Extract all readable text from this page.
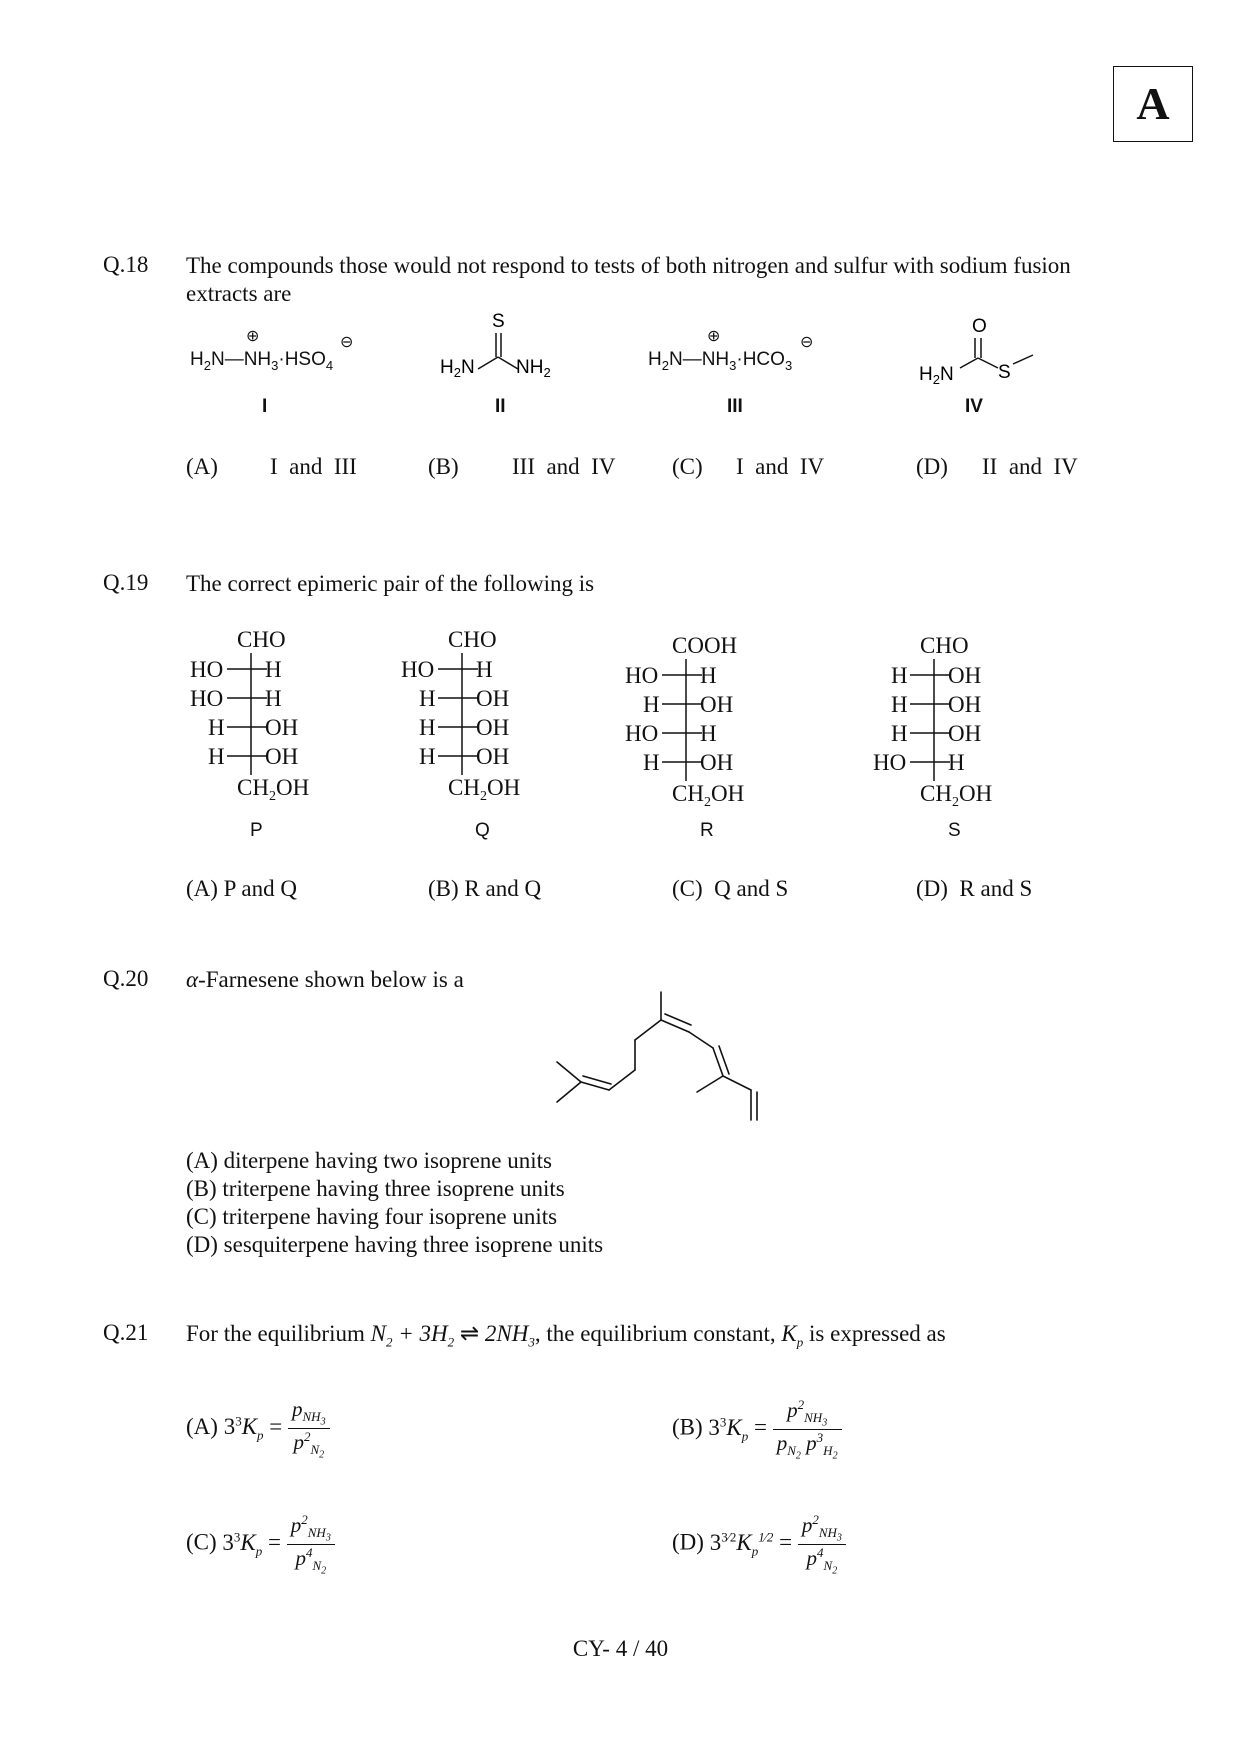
A
Q.18 The compounds those would not respond to tests of both nitrogen and sulfur with sodium fusion extracts are
$H_2N—NH_3\cdot HSO_4$
⊕	⊖
I
S
$H_2N$ $NH_2$
II
$H_2N—NH_3\cdot HCO_3$
⊕	⊖
III
O
$H_2N$ S
IV
(A) I  and  III	(B) III  and  IV (C) I  and  IV	(D) II  and  IV
Q.19 The correct epimeric pair of the following is
CHO
HO H
HO H
H OH
H OH
$CH_2OH$
P
CHO
HO H
H OH
H OH
H OH
$CH_2OH$
Q
COOH
HO H
H OH
HO H
H OH
$CH_2OH$
R
CHO
H OH
H OH
H OH
HO H
$CH_2OH$
S
(A) P and Q	(B) R and Q	(C)  Q and S	(D)  R and S
Q.20 α-Farnesene shown below is a
(A) diterpene having two isoprene units
(B) triterpene having three isoprene units
(C) triterpene having four isoprene units
(D) sesquiterpene having three isoprene units
Q.21 For the equilibrium $N_2 + 3H_2$ ⇌ $2NH_3$, the equilibrium constant, $K_p$ is expressed as
(A) $3^3K_p = \frac{p_{NH_3}}{p^2_{N_2}}$	(B) $3^3K_p = \frac{p^2_{NH_3}}{p_{N_2} p^3_{H_2}}$
(C) $3^3K_p = \frac{p^2_{NH_3}}{p^4_{N_2}}$	(D) $3^{3⁄2}K_p^{1⁄2} = \frac{p^2_{NH_3}}{p^4_{N_2}}$
CY- 4 / 40
